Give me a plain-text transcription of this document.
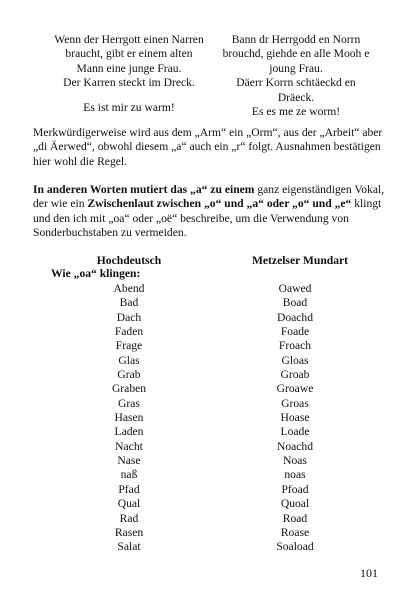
Wenn der Herrgott einen Narren
braucht, gibt er einem alten
Mann eine junge Frau.
Der Karren steckt im Dreck.
Es ist mir zu warm!
Bann dr Herrgodd en Norrn
brouchd, giehde en alle Mooh e
joung Frau.
Däerr Korrn schtäeckd en
Dräeck.
Es es me ze worm!
Merkwürdigerweise wird aus dem „Arm“ ein „Orm“, aus der „Arbeit“ aber
„di Äerwed“, obwohl diesem „a“ auch ein „r“ folgt. Ausnahmen bestätigen
hier wohl die Regel.
In anderen Worten mutiert das „a“ zu einem ganz eigenständigen Vokal,
der wie ein Zwischenlaut zwischen „o“ und „a“ oder „o“ und „e“ klingt
und den ich mit „oa“ oder „oë“ beschreibe, um die Verwendung von
Sonderbuchstaben zu vermeiden.
Hochdeutsch	Metzelser Mundart
Wie „oa“ klingen:
Abend	Oawed
Bad	Boad
Dach	Doachd
Faden	Foade
Frage	Froach
Glas	Gloas
Grab	Groab
Graben	Groawe
Gras	Groas
Hasen	Hoase
Laden	Loade
Nacht	Noachd
Nase	Noas
naß	noas
Pfad	Pfoad
Qual	Quoal
Rad	Road
Rasen	Roase
Salat	Soaload
101
